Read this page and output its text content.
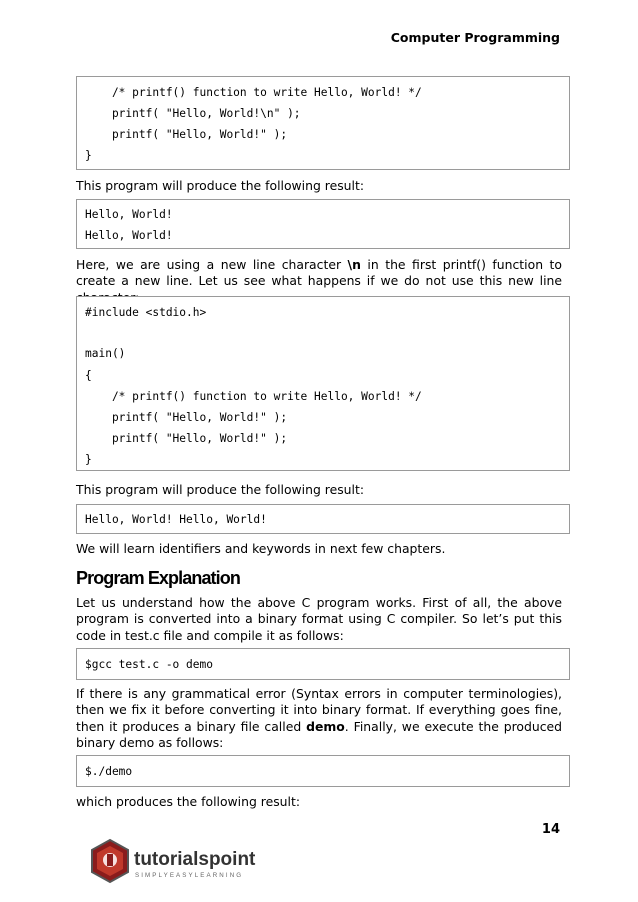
Computer Programming
/* printf() function to write Hello, World! */
printf( "Hello, World!\n" );
printf( "Hello, World!" );
}
This program will produce the following result:
Hello, World!
Hello, World!
Here, we are using a new line character \n in the first printf() function to create a new line. Let us see what happens if we do not use this new line
#include <stdio.h>
main()
{
/* printf() function to write Hello, World! */
printf( "Hello, World!" );
printf( "Hello, World!" );
}
This program will produce the following result:
Hello, World! Hello, World!
We will learn identifiers and keywords in next few chapters.
Program Explanation
Let us understand how the above C program works. First of all, the above program is converted into a binary format using C compiler. So let’s put this code in test.c file and compile it as follows:
$gcc test.c -o demo
If there is any grammatical error (Syntax errors in computer terminologies), then we fix it before converting it into binary format. If everything goes fine, then it produces a binary file called demo. Finally, we execute the produced binary demo as follows:
$./demo
which produces the following result:
14
tutorialspoint
SIMPLYEASYLEARNING
